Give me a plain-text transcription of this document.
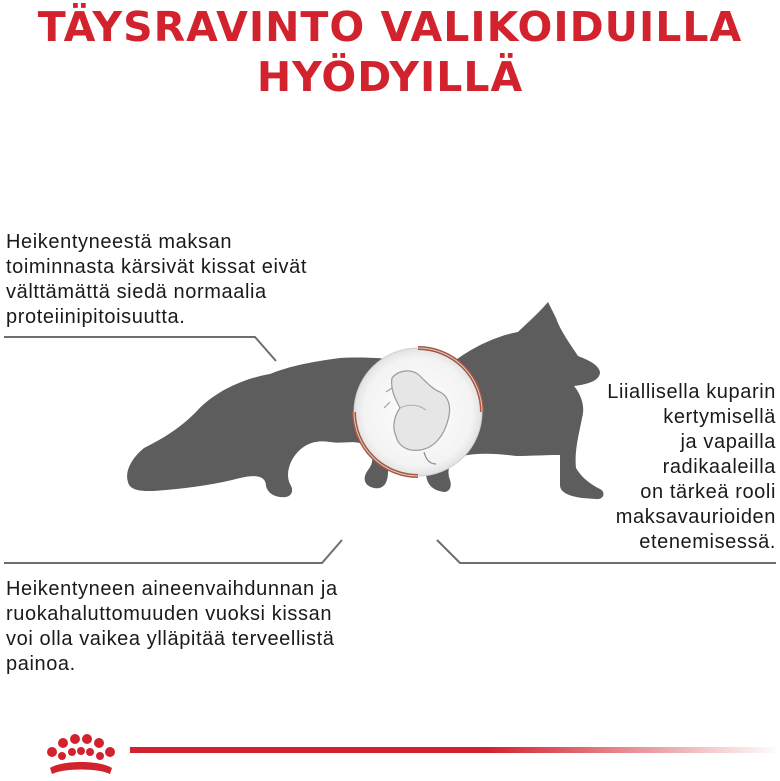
TÄYSRAVINTO VALIKOIDUILLA
HYÖDYILLÄ
Heikentyneestä maksan
toiminnasta kärsivät kissat eivät
välttämättä siedä normaalia
proteiinipitoisuutta.
Liiallisella kuparin
kertymisellä
ja vapailla
radikaaleilla
on tärkeä rooli
maksavaurioiden
etenemisessä.
Heikentyneen aineenvaihdunnan ja
ruokahaluttomuuden vuoksi kissan
voi olla vaikea ylläpitää terveellistä
painoa.
